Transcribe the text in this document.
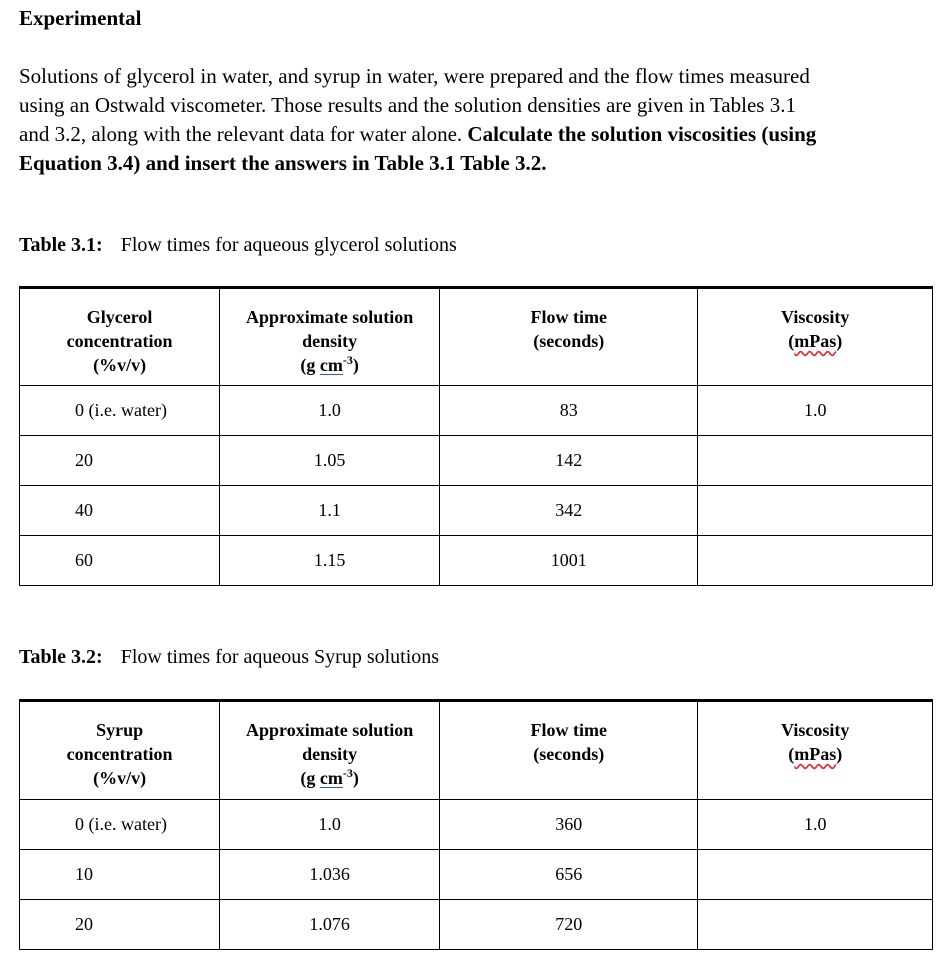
Experimental

Solutions of glycerol in water, and syrup in water, were prepared and the flow times measured using an Ostwald viscometer. Those results and the solution densities are given in Tables 3.1 and 3.2, along with the relevant data for water alone. Calculate the solution viscosities (using Equation 3.4) and insert the answers in Table 3.1 Table 3.2.

Table 3.1: Flow times for aqueous glycerol solutions

Glycerol
concentration
(%v/v)	Approximate solution
density
(g $cm^{-3}$)	Flow time
(seconds)	Viscosity
(mPas)

0 (i.e. water)	1.0	83	1.0
20	1.05	142	
40	1.1	342	
60	1.15	1001	

Table 3.2: Flow times for aqueous Syrup solutions

Syrup
concentration
(%v/v)	Approximate solution
density
(g $cm^{-3}$)	Flow time
(seconds)	Viscosity
(mPas)

0 (i.e. water)	1.0	360	1.0
10	1.036	656	
20	1.076	720	
